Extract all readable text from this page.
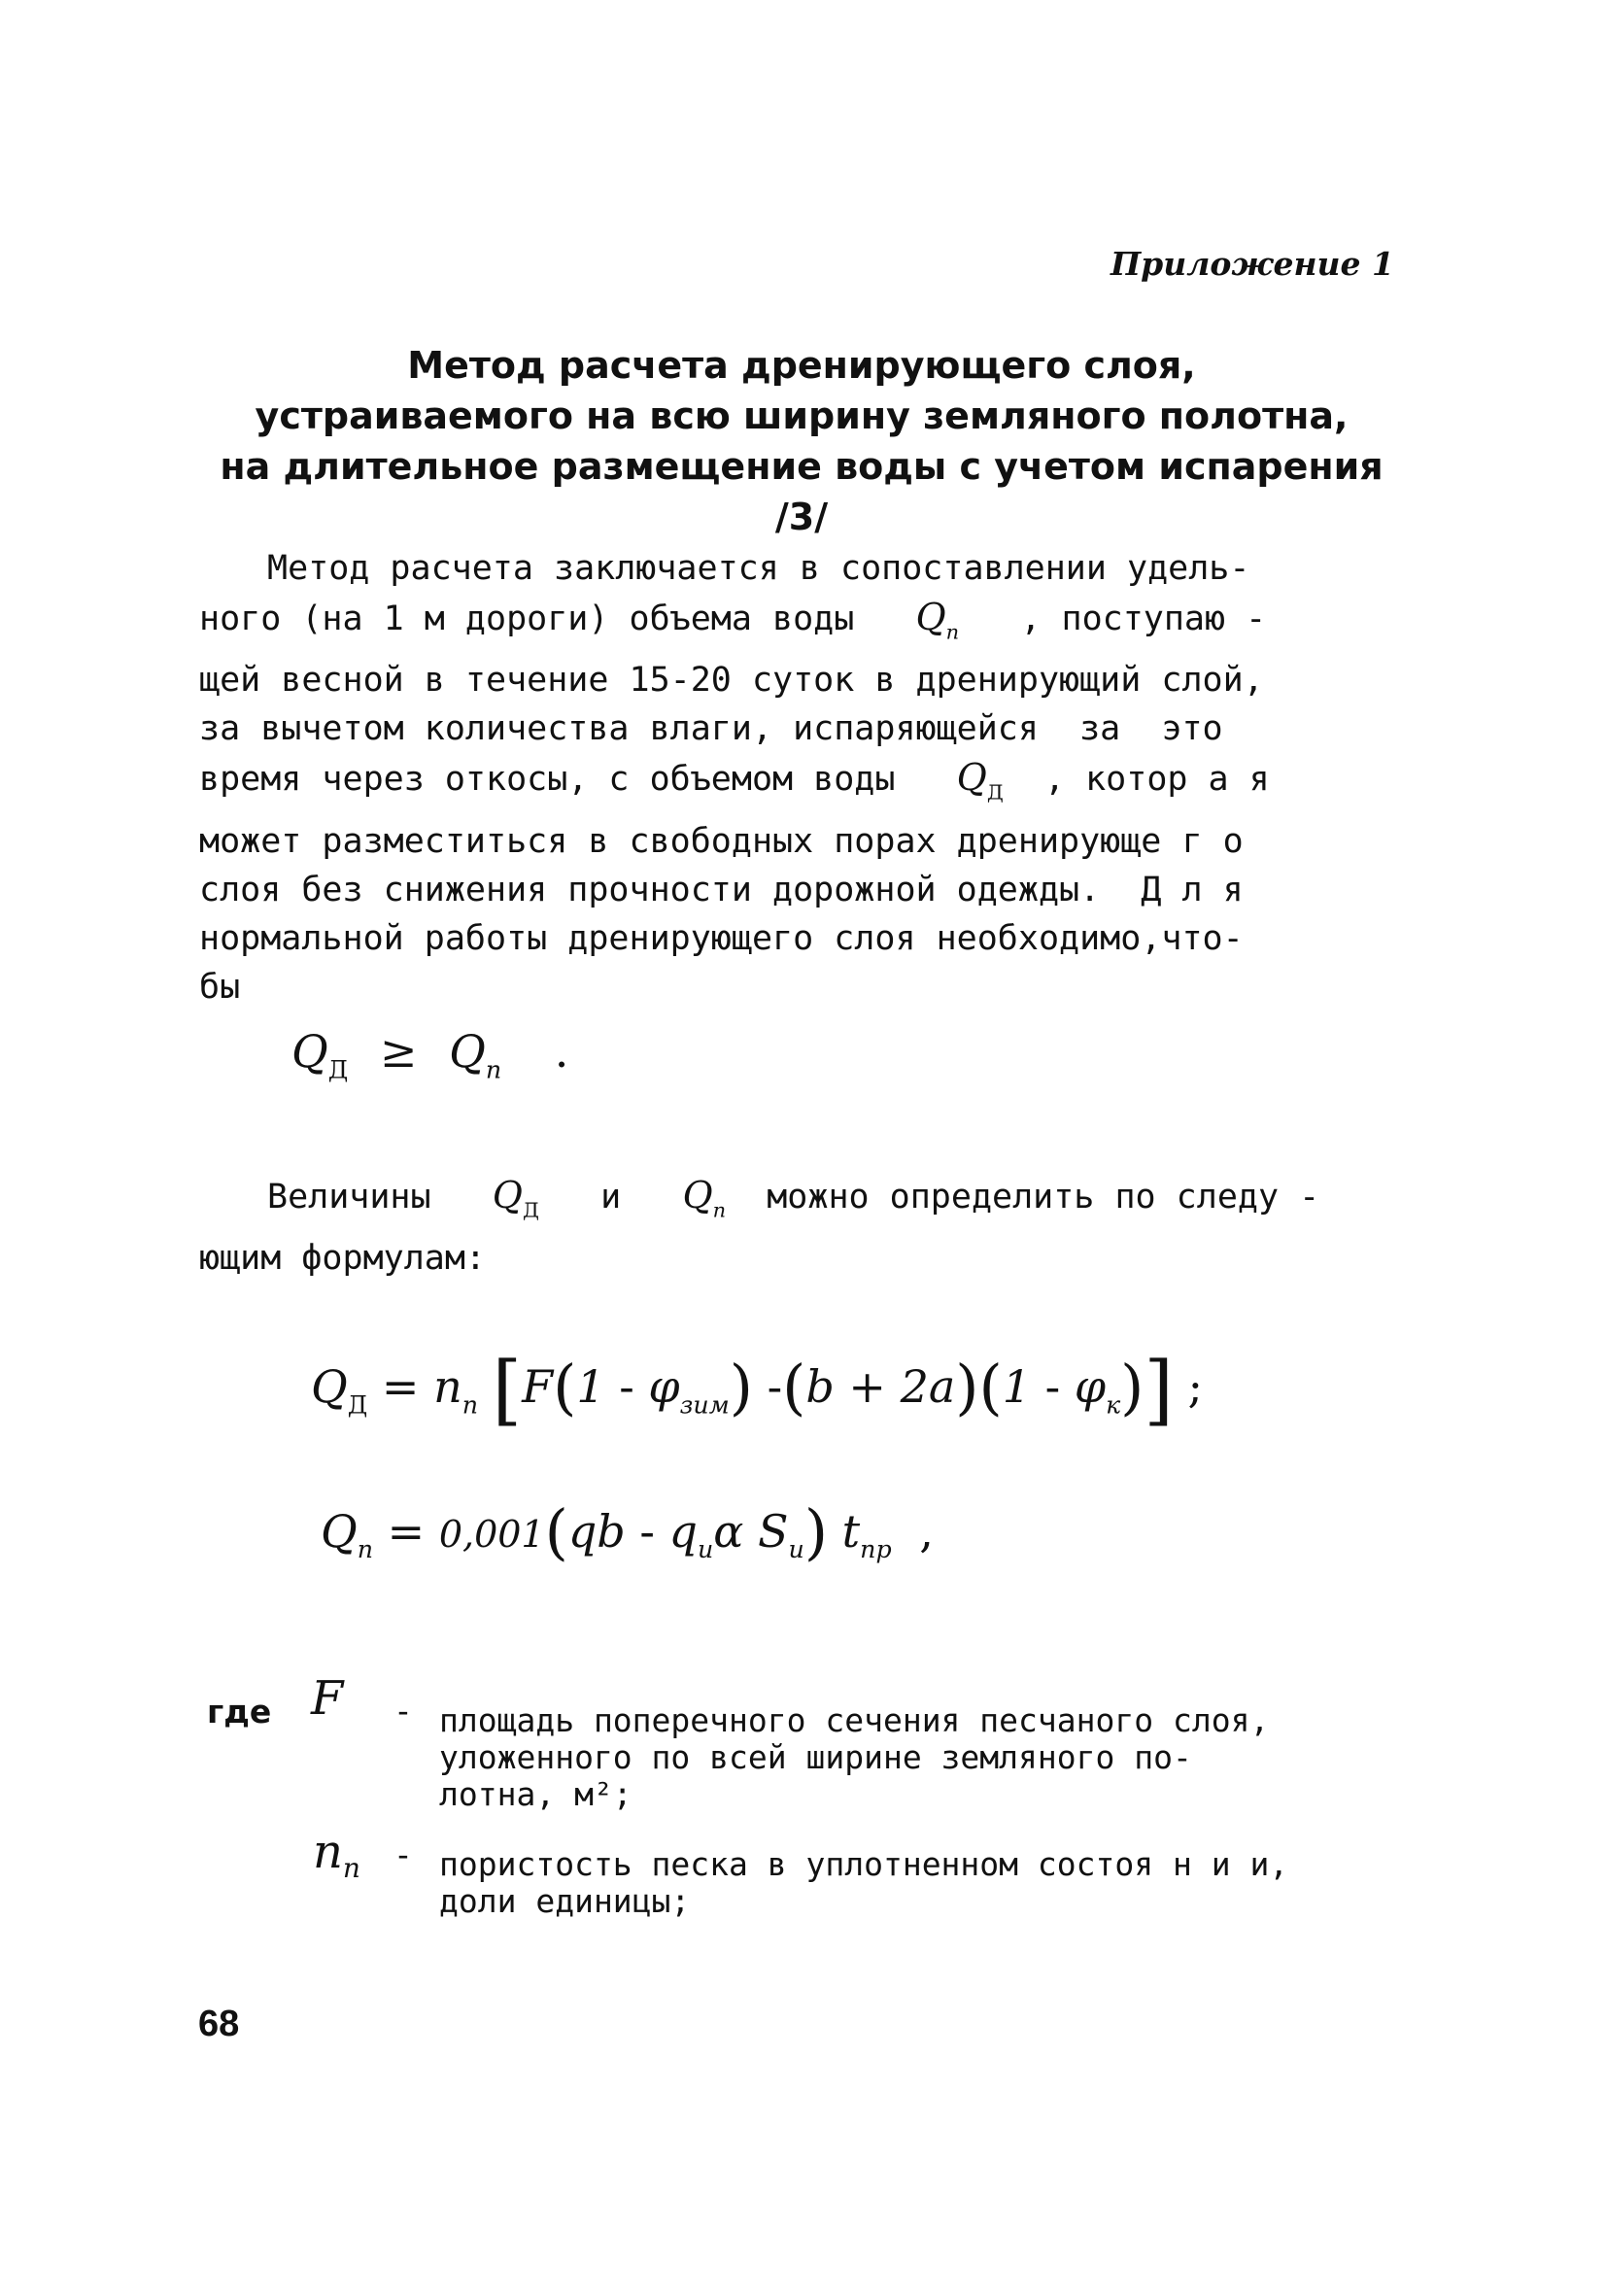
Приложение 1
Метод расчета дренирующего слоя,
устраиваемого на всю ширину земляного полотна,
на длительное размещение воды с учетом испарения /3/
Метод расчета заключается в сопоставлении удель-
ного (на 1 м дороги) объема воды $Q_п$ , поступаю -
щей весной в течение 15-20 суток в дренирующий слой,
за вычетом количества влаги, испаряющейся  за  это
время через откосы, с объемом воды $Q_Д$ , котор а я
может разместиться в свободных порах дренирующе г о
слоя без снижения прочности дорожной одежды.  Д л я
нормальной работы дренирующего слоя необходимо,что-
бы
$Q_Д \ge Q_п$ .
Величины $Q_Д$ и $Q_п$ можно определить по следу -
ющим формулам:
$Q_Д = n_п$ [$F(1 - \varphi_{зим})$ $-(b + 2a)(1 - \varphi_к)$] ;
$Q_п = 0,001(qb - q_и\alpha$ $S_и$) $t_{пр}$ ,
где F - площадь поперечного сечения песчаного слоя,
уложенного по всей ширине земляного по-
лотна, м²;
nп - пористость песка в уплотненном состоя н и и,
доли единицы;
68
